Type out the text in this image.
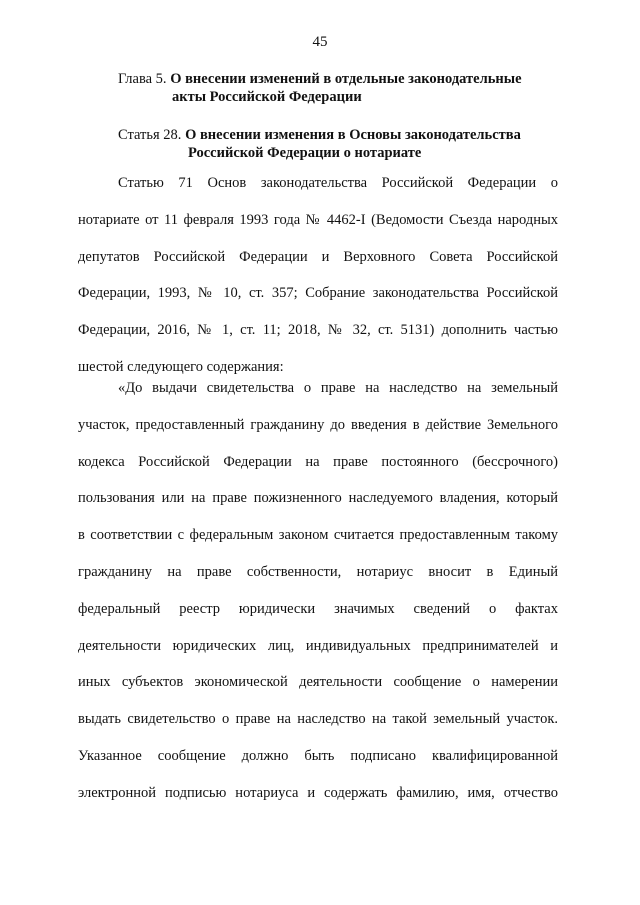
45
Глава 5. О внесении изменений в отдельные законодательные
акты Российской Федерации
Статья 28. О внесении изменения в Основы законодательства
Российской Федерации о нотариате
Статью 71 Основ законодательства Российской Федерации о
нотариате от 11 февраля 1993 года № 4462-I (Ведомости Съезда народных
депутатов Российской Федерации и Верховного Совета Российской
Федерации, 1993, № 10, ст. 357; Собрание законодательства Российской
Федерации, 2016, № 1, ст. 11; 2018, № 32, ст. 5131) дополнить частью
шестой следующего содержания:
«До выдачи свидетельства о праве на наследство на земельный
участок, предоставленный гражданину до введения в действие Земельного
кодекса Российской Федерации на праве постоянного (бессрочного)
пользования или на праве пожизненного наследуемого владения, который
в соответствии с федеральным законом считается предоставленным такому
гражданину на праве собственности, нотариус вносит в Единый
федеральный реестр юридически значимых сведений о фактах
деятельности юридических лиц, индивидуальных предпринимателей и
иных субъектов экономической деятельности сообщение о намерении
выдать свидетельство о праве на наследство на такой земельный участок.
Указанное сообщение должно быть подписано квалифицированной
электронной подписью нотариуса и содержать фамилию, имя, отчество
